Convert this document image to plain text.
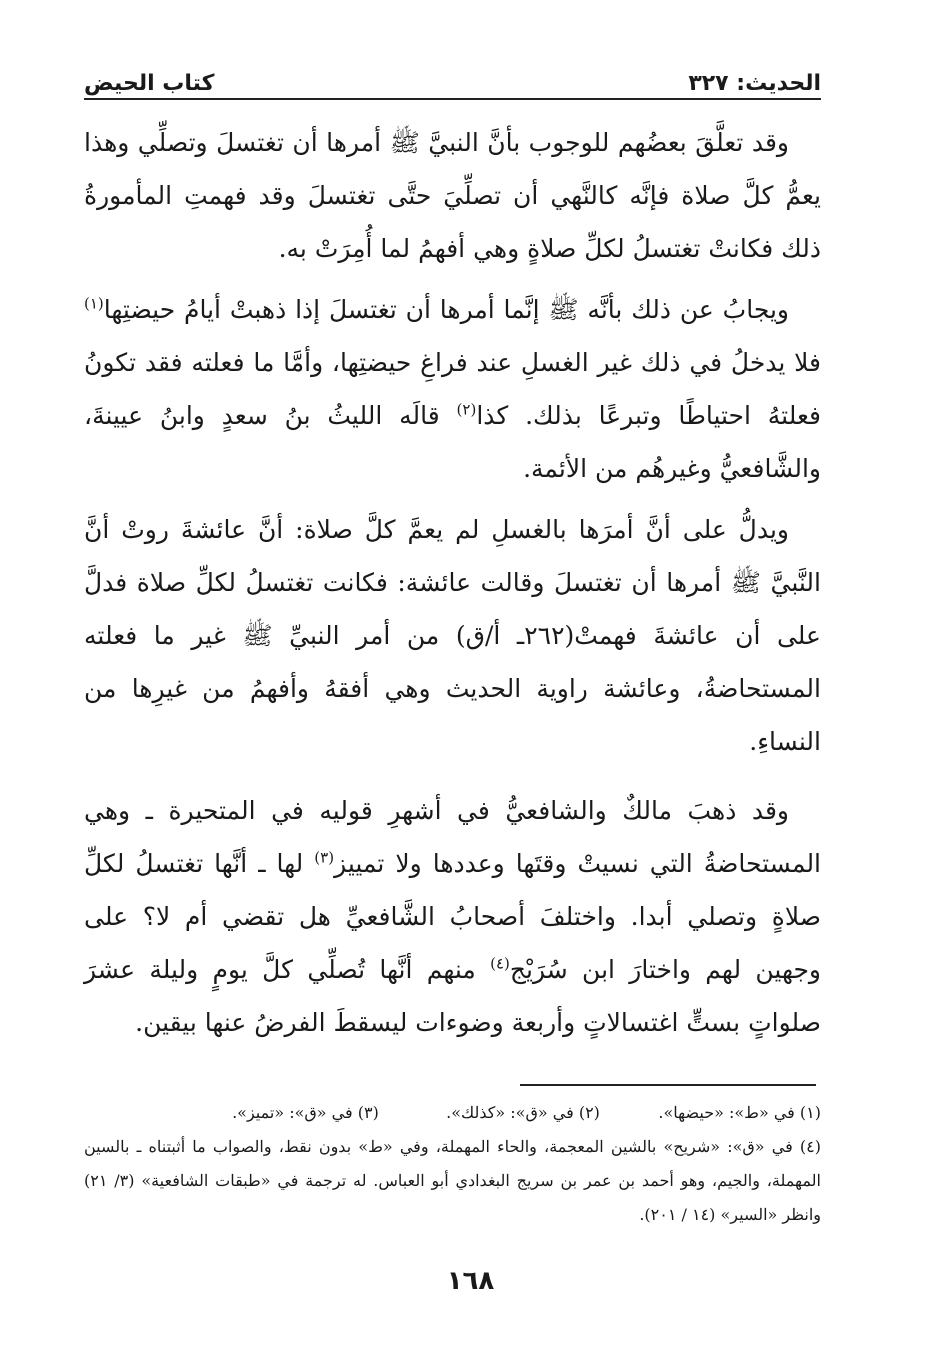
الحديث: ٣٢٧
كتاب الحيض

وقد تعلَّقَ بعضُهم للوجوب بأنَّ النبيَّ ﷺ أمرها أن تغتسلَ وتصلِّي وهذا يعمُّ كلَّ صلاة فإنَّه كالنَّهي أن تصلِّيَ حتَّى تغتسلَ وقد فهمتِ المأمورةُ ذلك فكانتْ تغتسلُ لكلِّ صلاةٍ وهي أفهمُ لما أُمِرَتْ به.

ويجابُ عن ذلك بأنَّه ﷺ إنَّما أمرها أن تغتسلَ إذا ذهبتْ أيامُ حيضتِها$^{(١)}$ فلا يدخلُ في ذلك غير الغسلِ عند فراغِ حيضتِها، وأمَّا ما فعلته فقد تكونُ فعلتهُ احتياطًا وتبرعًا بذلك. كذا$^{(٢)}$ قالَه الليثُ بنُ سعدٍ وابنُ عيينةَ، والشَّافعيُّ وغيرهُم من الأئمة.

ويدلُّ على أنَّ أمرَها بالغسلِ لم يعمَّ كلَّ صلاة: أنَّ عائشةَ روتْ أنَّ النَّبيَّ ﷺ أمرها أن تغتسلَ وقالت عائشة: فكانت تغتسلُ لكلِّ صلاة فدلَّ على أن عائشةَ فهمتْ(٢٦٢ـ أ/ق) من أمر النبيِّ ﷺ غير ما فعلته المستحاضةُ، وعائشة راوية الحديث وهي أفقهُ وأفهمُ من غيرِها من النساءِ.

وقد ذهبَ مالكٌ والشافعيُّ في أشهرِ قوليه في المتحيرة ـ وهي المستحاضةُ التي نسيتْ وقتَها وعددها ولا تمييز$^{(٣)}$ لها ـ أنَّها تغتسلُ لكلِّ صلاةٍ وتصلي أبدا. واختلفَ أصحابُ الشَّافعيِّ هل تقضي أم لا؟ على وجهين لهم واختارَ ابن سُرَيْج$^{(٤)}$ منهم أنَّها تُصلِّي كلَّ يومٍ وليلة عشرَ صلواتٍ بستٍّ اغتسالاتٍ وأربعة وضوءات ليسقطَ الفرضُ عنها بيقين.

(١) في «ط»: «حيضها».
(٢) في «ق»: «كذلك».
(٣) في «ق»: «تميز».

(٤) في «ق»: «شريح» بالشين المعجمة، والحاء المهملة، وفي «ط» بدون نقط، والصواب ما أثبتناه ـ بالسين المهملة، والجيم، وهو أحمد بن عمر بن سريج البغدادي أبو العباس. له ترجمة في «طبقات الشافعية» (٣/ ٢١) وانظر «السير» (١٤ / ٢٠١).

١٦٨
